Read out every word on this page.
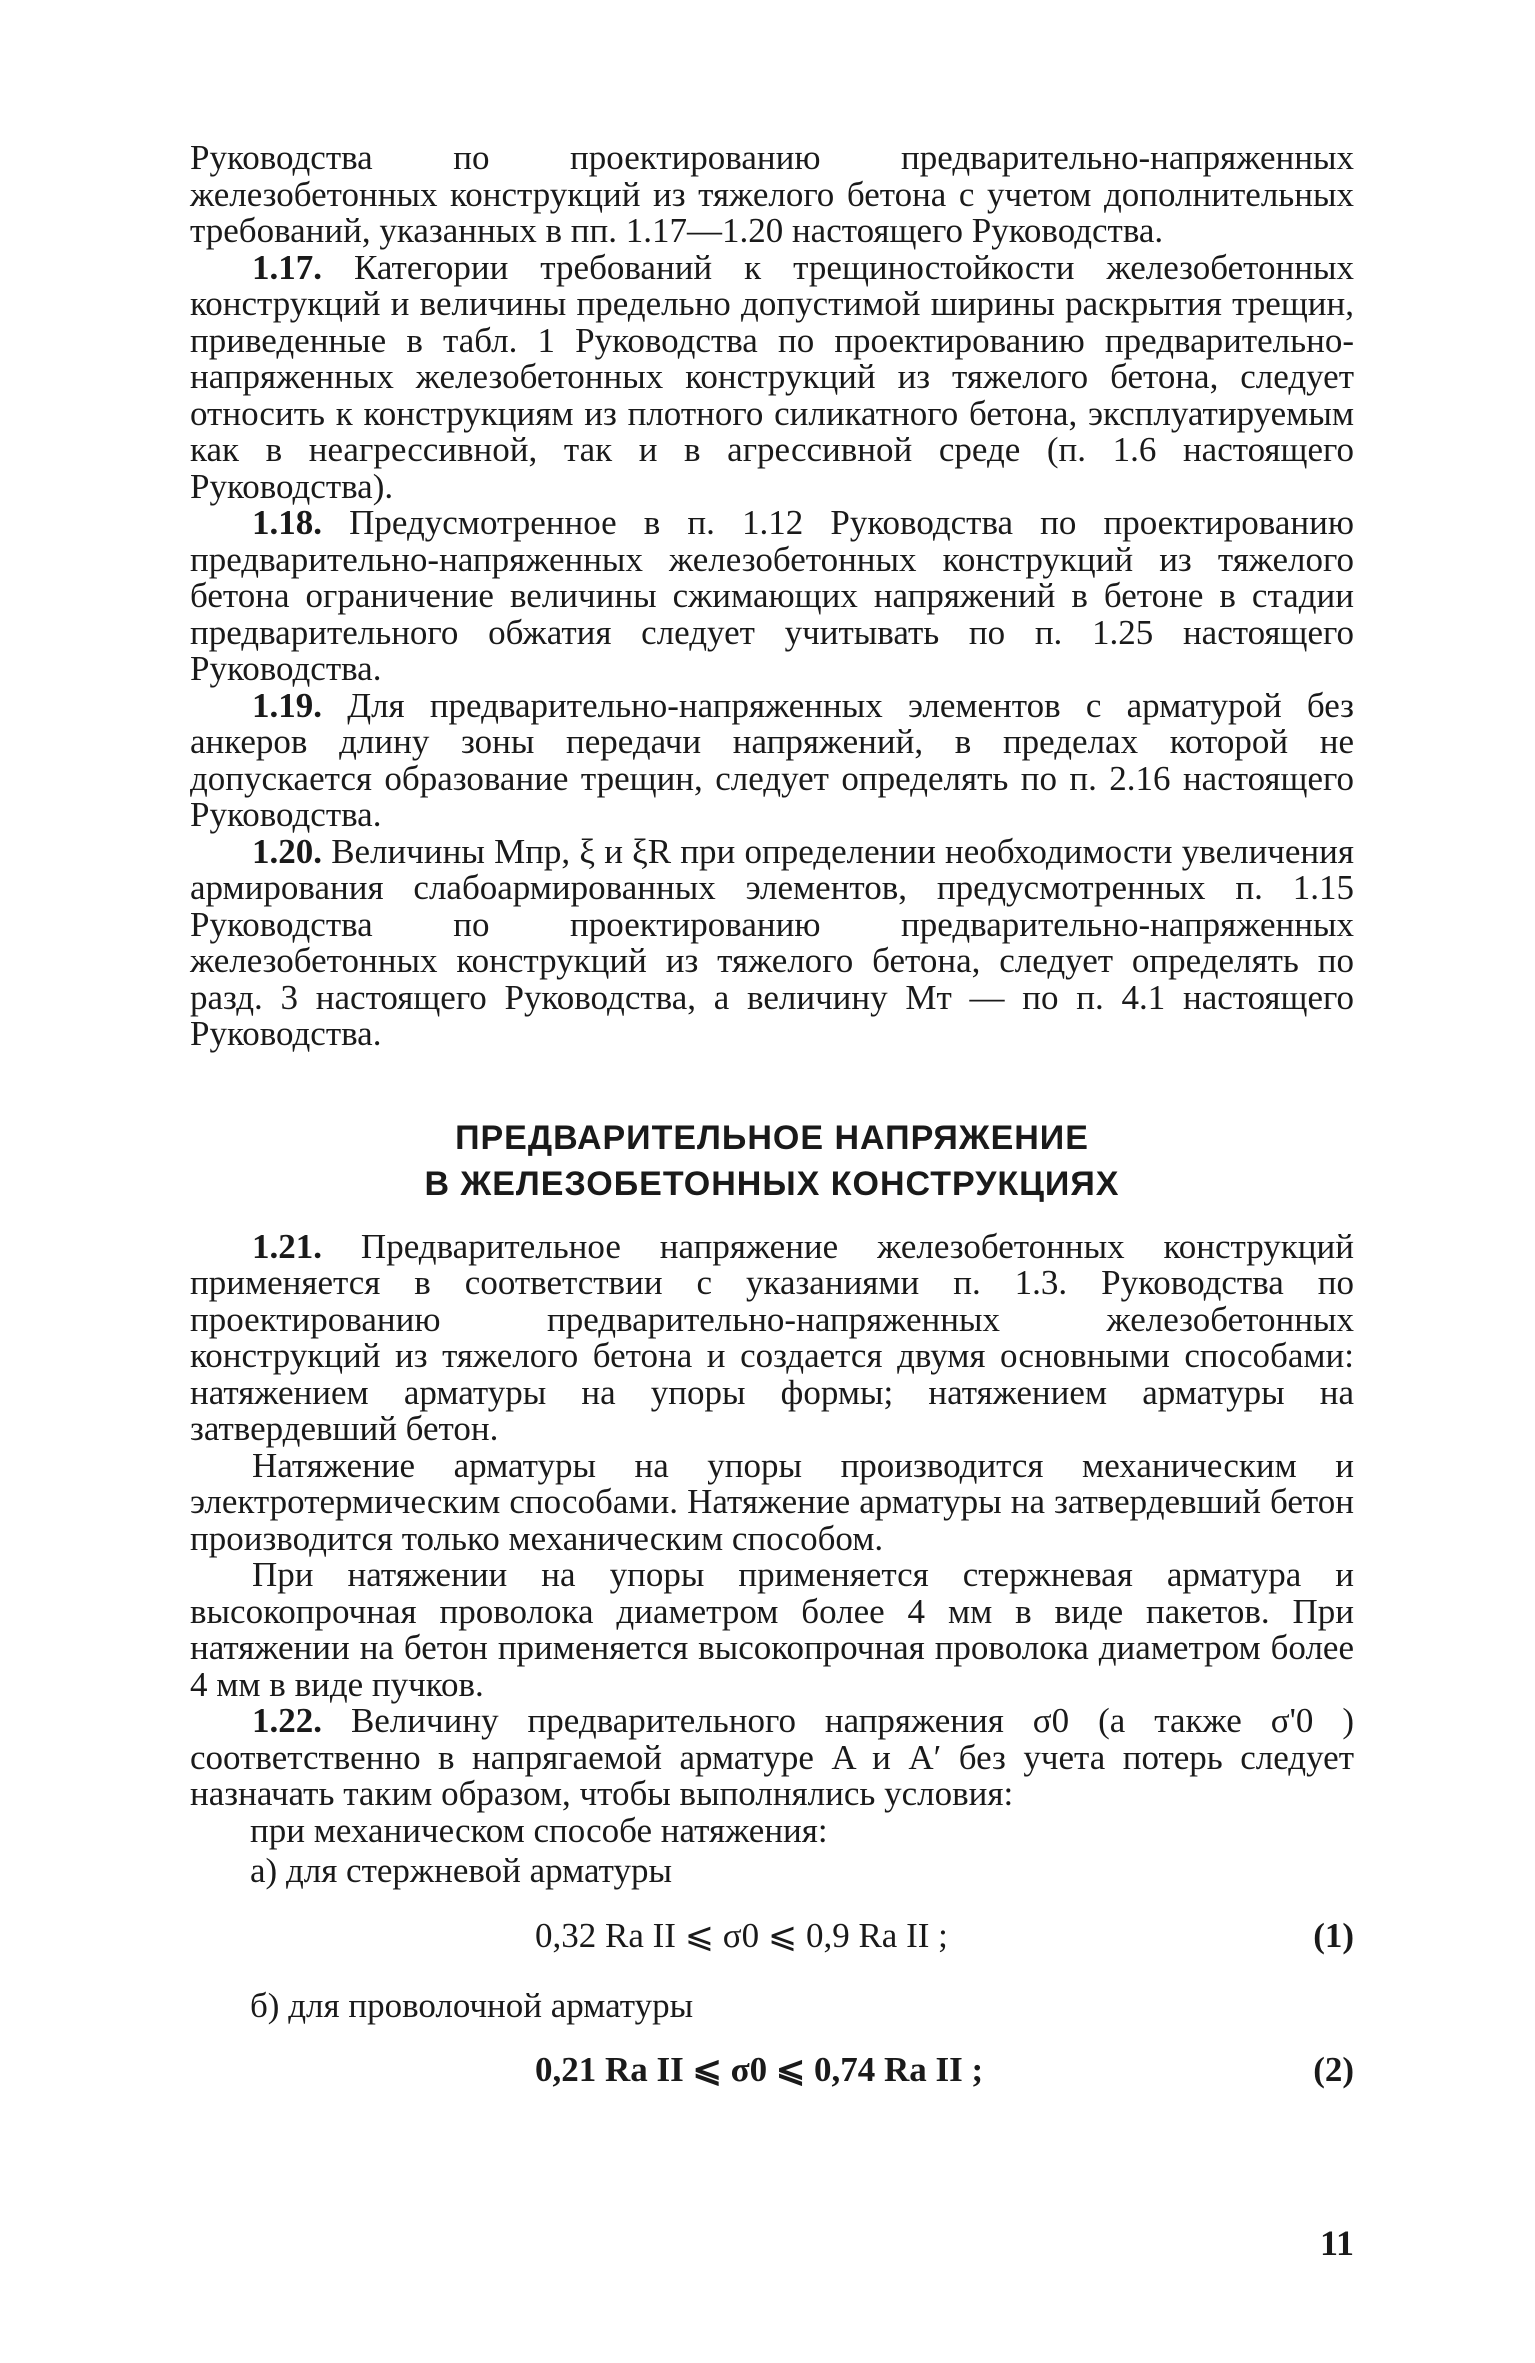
Руководства по проектированию предварительно-напряженных железобетонных конструкций из тяжелого бетона с учетом дополнительных требований, указанных в пп. 1.17—1.20 настоящего Руководства.

1.17. Категории требований к трещиностойкости железобетонных конструкций и величины предельно допустимой ширины раскрытия трещин, приведенные в табл. 1 Руководства по проектированию предварительно-напряженных железобетонных конструкций из тяжелого бетона, следует относить к конструкциям из плотного силикатного бетона, эксплуатируемым как в неагрессивной, так и в агрессивной среде (п. 1.6 настоящего Руководства).

1.18. Предусмотренное в п. 1.12 Руководства по проектированию предварительно-напряженных железобетонных конструкций из тяжелого бетона ограничение величины сжимающих напряжений в бетоне в стадии предварительного обжатия следует учитывать по п. 1.25 настоящего Руководства.

1.19. Для предварительно-напряженных элементов с арматурой без анкеров длину зоны передачи напряжений, в пределах которой не допускается образование трещин, следует определять по п. 2.16 настоящего Руководства.

1.20. Величины Mпр, ξ и ξR при определении необходимости увеличения армирования слабоармированных элементов, предусмотренных п. 1.15 Руководства по проектированию предварительно-напряженных железобетонных конструкций из тяжелого бетона, следует определять по разд. 3 настоящего Руководства, а величину Mт — по п. 4.1 настоящего Руководства.

ПРЕДВАРИТЕЛЬНОЕ НАПРЯЖЕНИЕ
В ЖЕЛЕЗОБЕТОННЫХ КОНСТРУКЦИЯХ

1.21. Предварительное напряжение железобетонных конструкций применяется в соответствии с указаниями п. 1.3. Руководства по проектированию предварительно-напряженных железобетонных конструкций из тяжелого бетона и создается двумя основными способами: натяжением арматуры на упоры формы; натяжением арматуры на затвердевший бетон.

Натяжение арматуры на упоры производится механическим и электротермическим способами. Натяжение арматуры на затвердевший бетон производится только механическим способом.

При натяжении на упоры применяется стержневая арматура и высокопрочная проволока диаметром более 4 мм в виде пакетов. При натяжении на бетон применяется высокопрочная проволока диаметром более 4 мм в виде пучков.

1.22. Величину предварительного напряжения σ0 (а также σ'0 ) соответственно в напрягаемой арматуре A и A′ без учета потерь следует назначать таким образом, чтобы выполнялись условия:

при механическом способе натяжения:

а) для стержневой арматуры

0,32 Rа II ⩽ σ0 ⩽ 0,9 Rа II ;	(1)

б) для проволочной арматуры

0,21 Rа II ⩽ σ0 ⩽ 0,74 Rа II ;	(2)
11
